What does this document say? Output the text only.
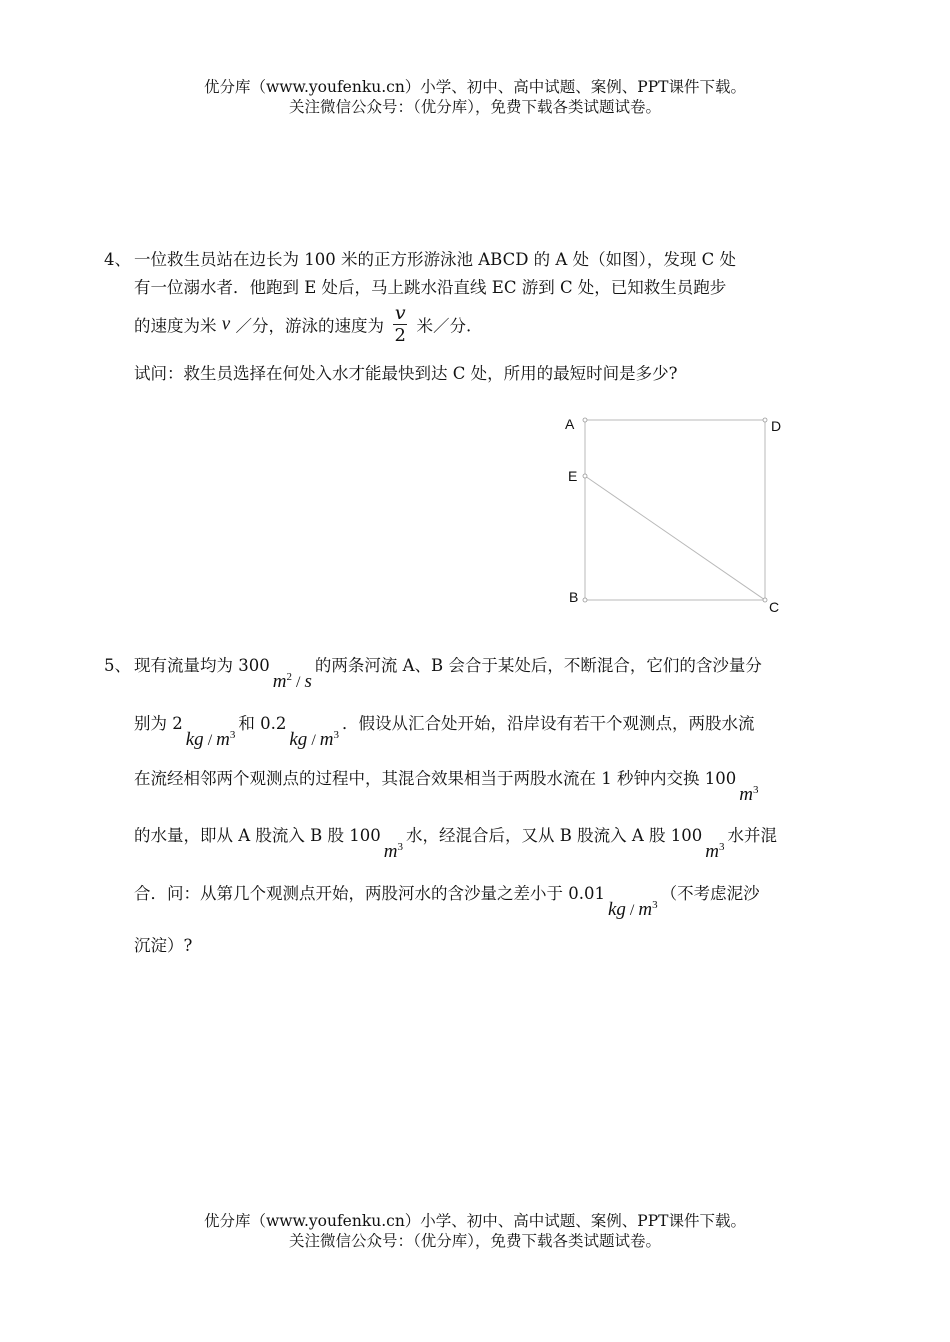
优分库（www.youfenku.cn）小学、初中、高中试题、案例、PPT课件下载。
关注微信公众号：（优分库），免费下载各类试题试卷。
4、 一位救生员站在边长为 100 米的正方形游泳池 ABCD 的 A 处（如图），发现 C 处
有一位溺水者．他跑到 E 处后，马上跳水沿直线 EC 游到 C 处，已知救生员跑步
的速度为米 v ／分，游泳的速度为 $\frac{v}{2}$ 米／分.
试问：救生员选择在何处入水才能最快到达 C 处，所用的最短时间是多少?
A	D
E
B
C
5、 现有流量均为 $300m^2$ / s的两条河流 A、B 会合于某处后，不断混合，它们的含沙量分
别为 $2kg / m^3$和 $0.2kg / m^3$．假设从汇合处开始，沿岸设有若干个观测点，两股水流
在流经相邻两个观测点的过程中，其混合效果相当于两股水流在 1 秒钟内交换 $100m^3$
的水量，即从 A 股流入 B 股 $100m^3$水，经混合后，又从 B 股流入 A 股 $100m^3$水并混
合．问：从第几个观测点开始，两股河水的含沙量之差小于 $0.01kg / m^3$（不考虑泥沙
沉淀）?
优分库（www.youfenku.cn）小学、初中、高中试题、案例、PPT课件下载。
关注微信公众号：（优分库），免费下载各类试题试卷。
